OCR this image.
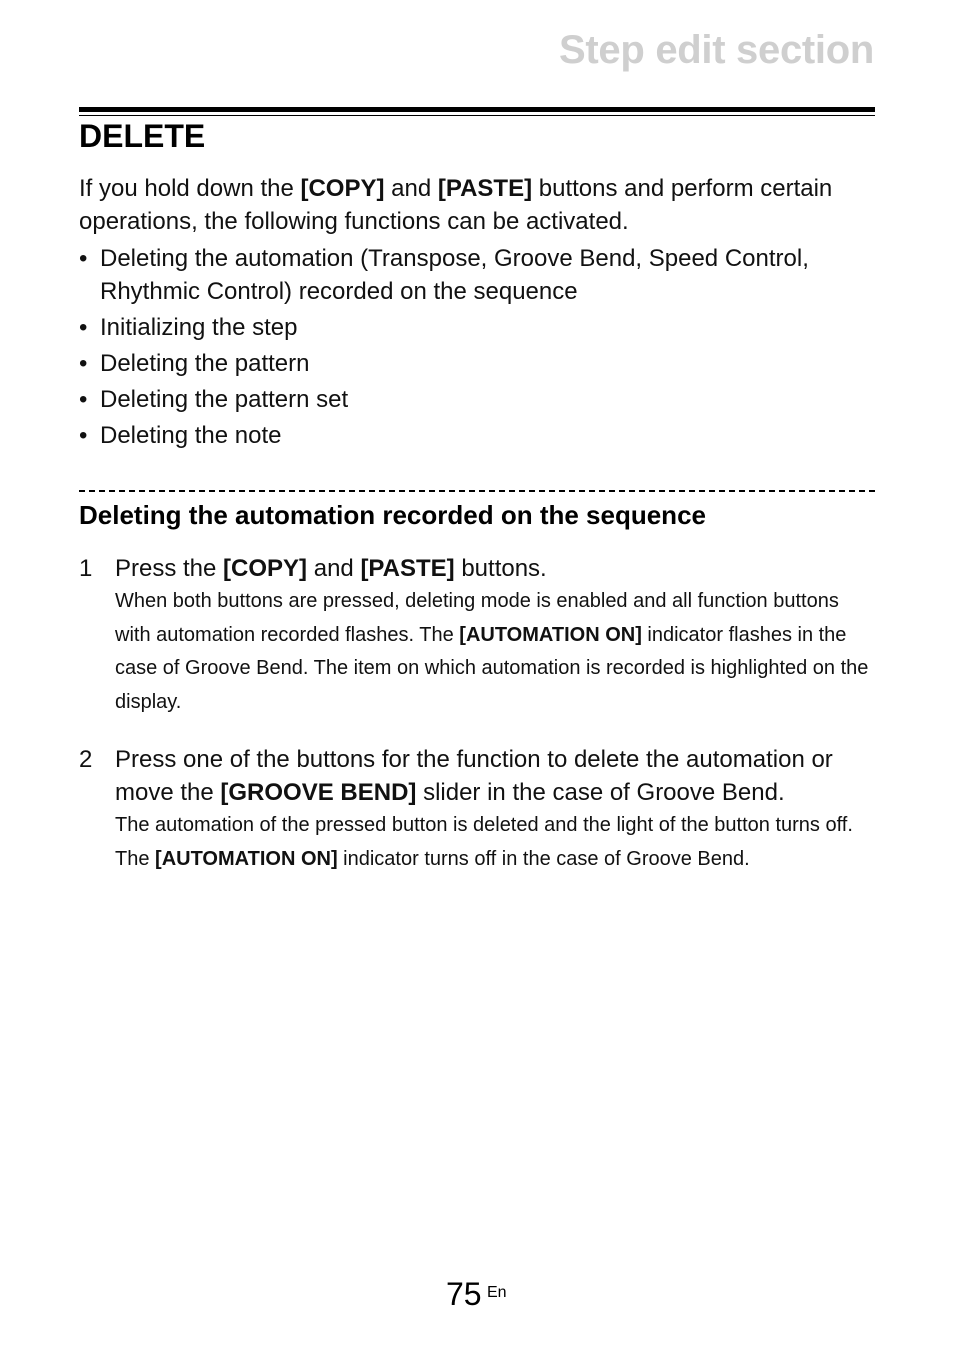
Step edit section
DELETE

If you hold down the [COPY] and [PASTE] buttons and perform certain operations, the following functions can be activated.

• Deleting the automation (Transpose, Groove Bend, Speed Control, Rhythmic Control) recorded on the sequence
• Initializing the step
• Deleting the pattern
• Deleting the pattern set
• Deleting the note
Deleting the automation recorded on the sequence
1 Press the [COPY] and [PASTE] buttons.
When both buttons are pressed, deleting mode is enabled and all function buttons with automation recorded flashes. The [AUTOMATION ON] indicator flashes in the case of Groove Bend. The item on which automation is recorded is highlighted on the display.
2 Press one of the buttons for the function to delete the automation or move the [GROOVE BEND] slider in the case of Groove Bend.
The automation of the pressed button is deleted and the light of the button turns off. The [AUTOMATION ON] indicator turns off in the case of Groove Bend.
75 En
